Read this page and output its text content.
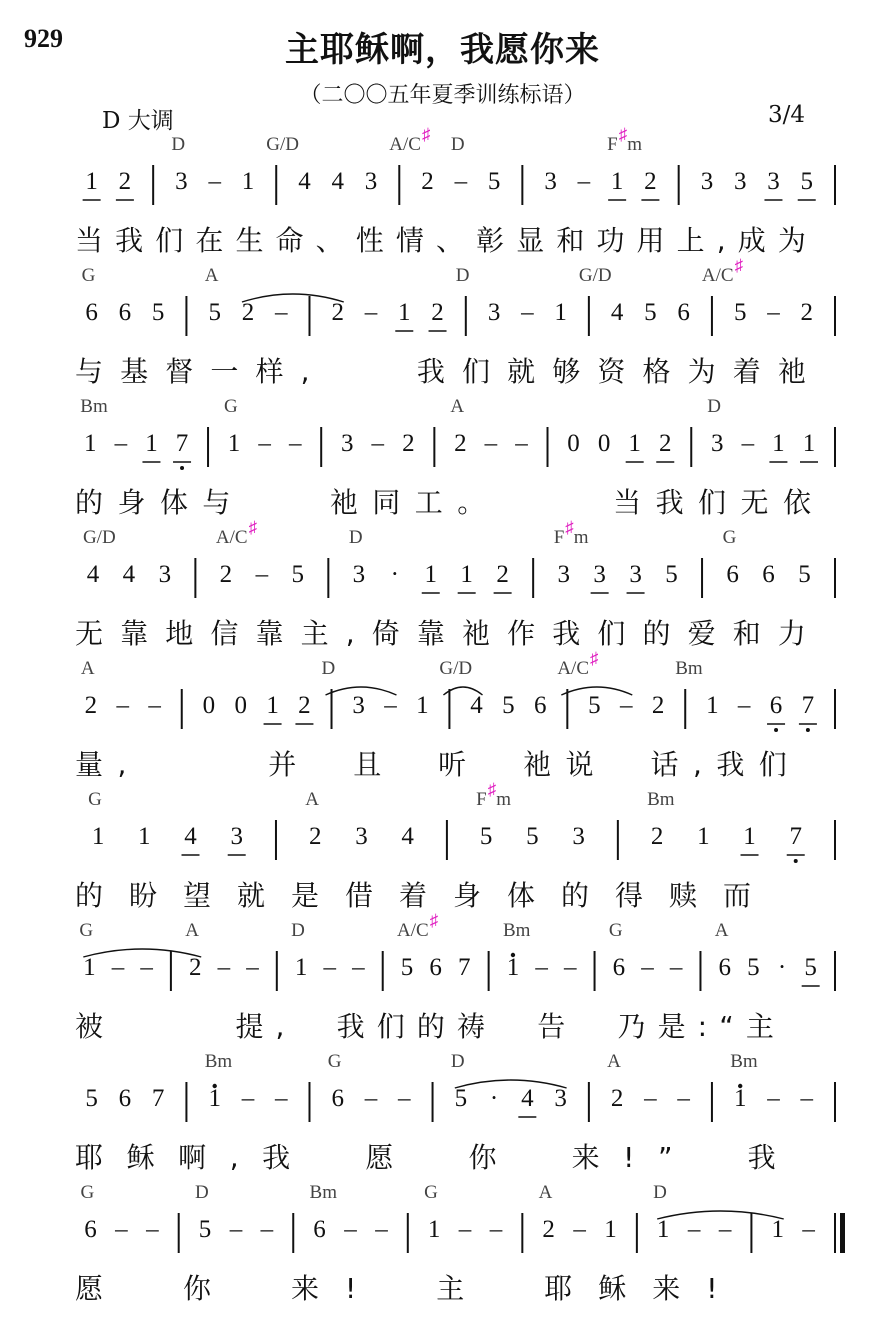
929	主耶稣啊，我愿你来
（二〇〇五年夏季训练标语）
D 大调	3/4
1 2 3 – 1 4 4 3 2 – 5 3 – 1 2 3 3 3 5
D	G/D	A/C♯ D	F♯m
当我们在生命、性情、彰显和功用上,成为
6 6 5 5 2 – 2 – 1 2 3 – 1 4 5 6 5 – 2
G	A	D	G/D	A/C♯
与基督一样,　　我们就够资格为着祂
1 – 1 7 1 – – 3 – 2 2 – – 0 0 1 2 3 – 1 1
Bm	G	A	D
的身体与　　祂同工。　　　当我们无依
4 4 3 2 – 5 3	·	1 1 2 3 3 3 5 6 6 5
G/D	A/C♯	D	F♯m	G
无靠地信靠主,倚靠祂作我们的爱和力
2 – – 0 0 1 2 3 – 1 4 5 6 5 – 2 1 – 6 7
A	D	G/D	A/C♯	Bm
量,　　　并　且　听　祂说　话,我们
1 1 4 3	2 3 4	5 5 3	2 1 1 7
G	A	F♯m	Bm
的盼望就是借着身体的得赎而
1 – – 2 – – 1 – – 5 6 7 1 – – 6 – – 6 5 · 5
G	A	D	A/C♯	Bm	G	A
被　　　提,　我们的祷　告　乃是:“主
5 6 7 1 – – 6 – – 5 · 4 3 2 – – 1 – –
Bm	G	D	A	Bm
耶稣啊,我　愿　你　来!”　我
6 – – 5 – – 6 – – 1 – – 2 – 1 1 – – 1 –
G	D	Bm	G	A	D
愿　你　来!　主　耶稣来!
